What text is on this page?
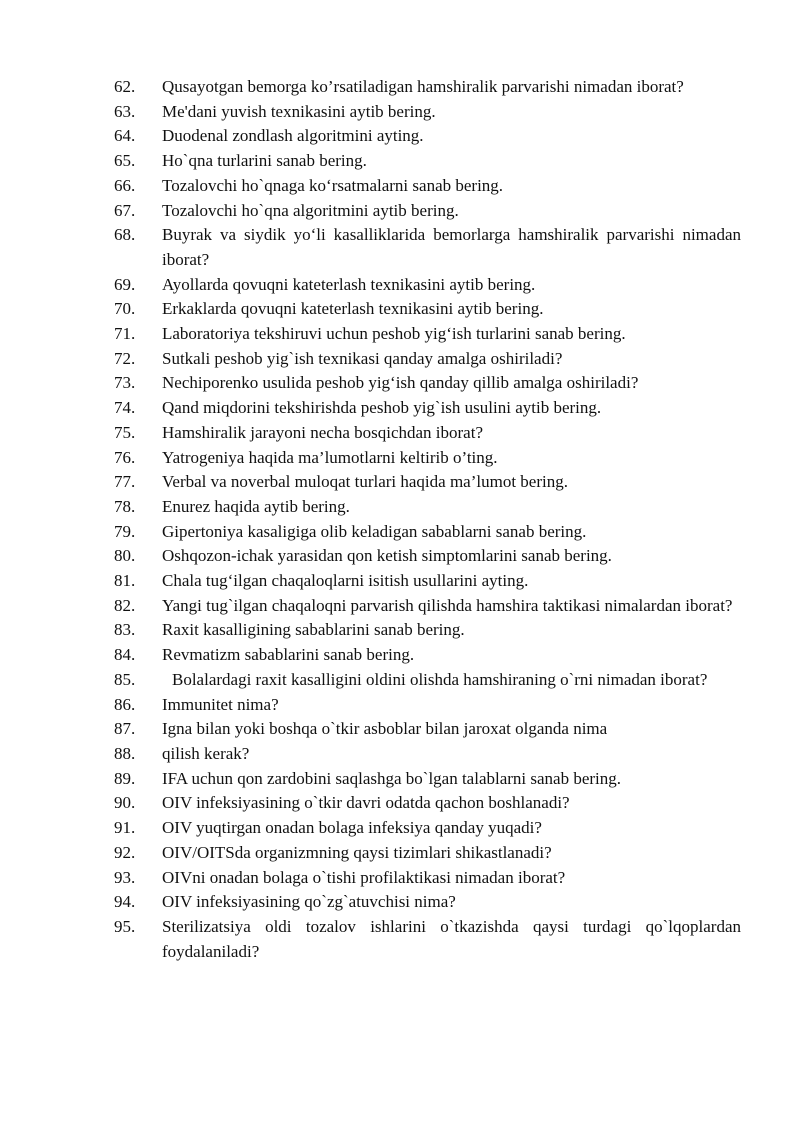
62.	Qusayotgan bemorga ko’rsatiladigan hamshiralik parvarishi nimadan iborat?
63.	Me'dani yuvish texnikasini aytib bering.
64.	Duodenal zondlash algoritmini ayting.
65.	Ho`qna turlarini sanab bering.
66.	Tozalovchi ho`qnaga ko‘rsatmalarni sanab bering.
67.	Tozalovchi ho`qna algoritmini aytib bering.
68.	Buyrak va siydik yo‘li kasalliklarida bemorlarga hamshiralik parvarishi nimadan iborat?
69.	Ayollarda qovuqni kateterlash texnikasini aytib bering.
70.	Erkaklarda qovuqni kateterlash texnikasini aytib bering.
71.	Laboratoriya tekshiruvi uchun peshob yig‘ish turlarini sanab bering.
72.	Sutkali peshob yig`ish texnikasi qanday amalga oshiriladi?
73.	Nechiporenko usulida peshob yig‘ish qanday qillib amalga oshiriladi?
74.	Qand miqdorini tekshirishda peshob yig`ish usulini aytib bering.
75.	Hamshiralik jarayoni necha bosqichdan iborat?
76.	Yatrogeniya haqida ma’lumotlarni keltirib o’ting.
77.	Verbal va noverbal muloqat turlari haqida ma’lumot bering.
78.	Enurez haqida aytib bering.
79.	Gipertoniya kasaligiga olib keladigan sabablarni sanab bering.
80.	Oshqozon-ichak yarasidan qon ketish simptomlarini sanab bering.
81.	Chala tug‘ilgan chaqaloqlarni isitish usullarini ayting.
82.	Yangi tug`ilgan chaqaloqni parvarish qilishda hamshira taktikasi nimalardan iborat?
83.	Raxit kasalligining sabablarini sanab bering.
84.	Revmatizm sabablarini sanab bering.
85.	Bolalardagi raxit kasalligini oldini olishda hamshiraning o`rni nimadan iborat?
86.	Immunitet nima?
87.	Igna bilan yoki boshqa o`tkir asboblar bilan jaroxat olganda nima
88.	qilish kerak?
89.	IFA uchun qon zardobini saqlashga bo`lgan talablarni sanab bering.
90.	OIV infeksiyasining o`tkir davri odatda qachon boshlanadi?
91.	OIV yuqtirgan onadan bolaga infeksiya qanday yuqadi?
92.	OIV/OITSda organizmning qaysi tizimlari shikastlanadi?
93.	OIVni onadan bolaga o`tishi profilaktikasi nimadan iborat?
94.	OIV infeksiyasining qo`zg`atuvchisi nima?
95.	Sterilizatsiya oldi tozalov ishlarini o`tkazishda qaysi turdagi qo`lqoplardan foydalaniladi?
